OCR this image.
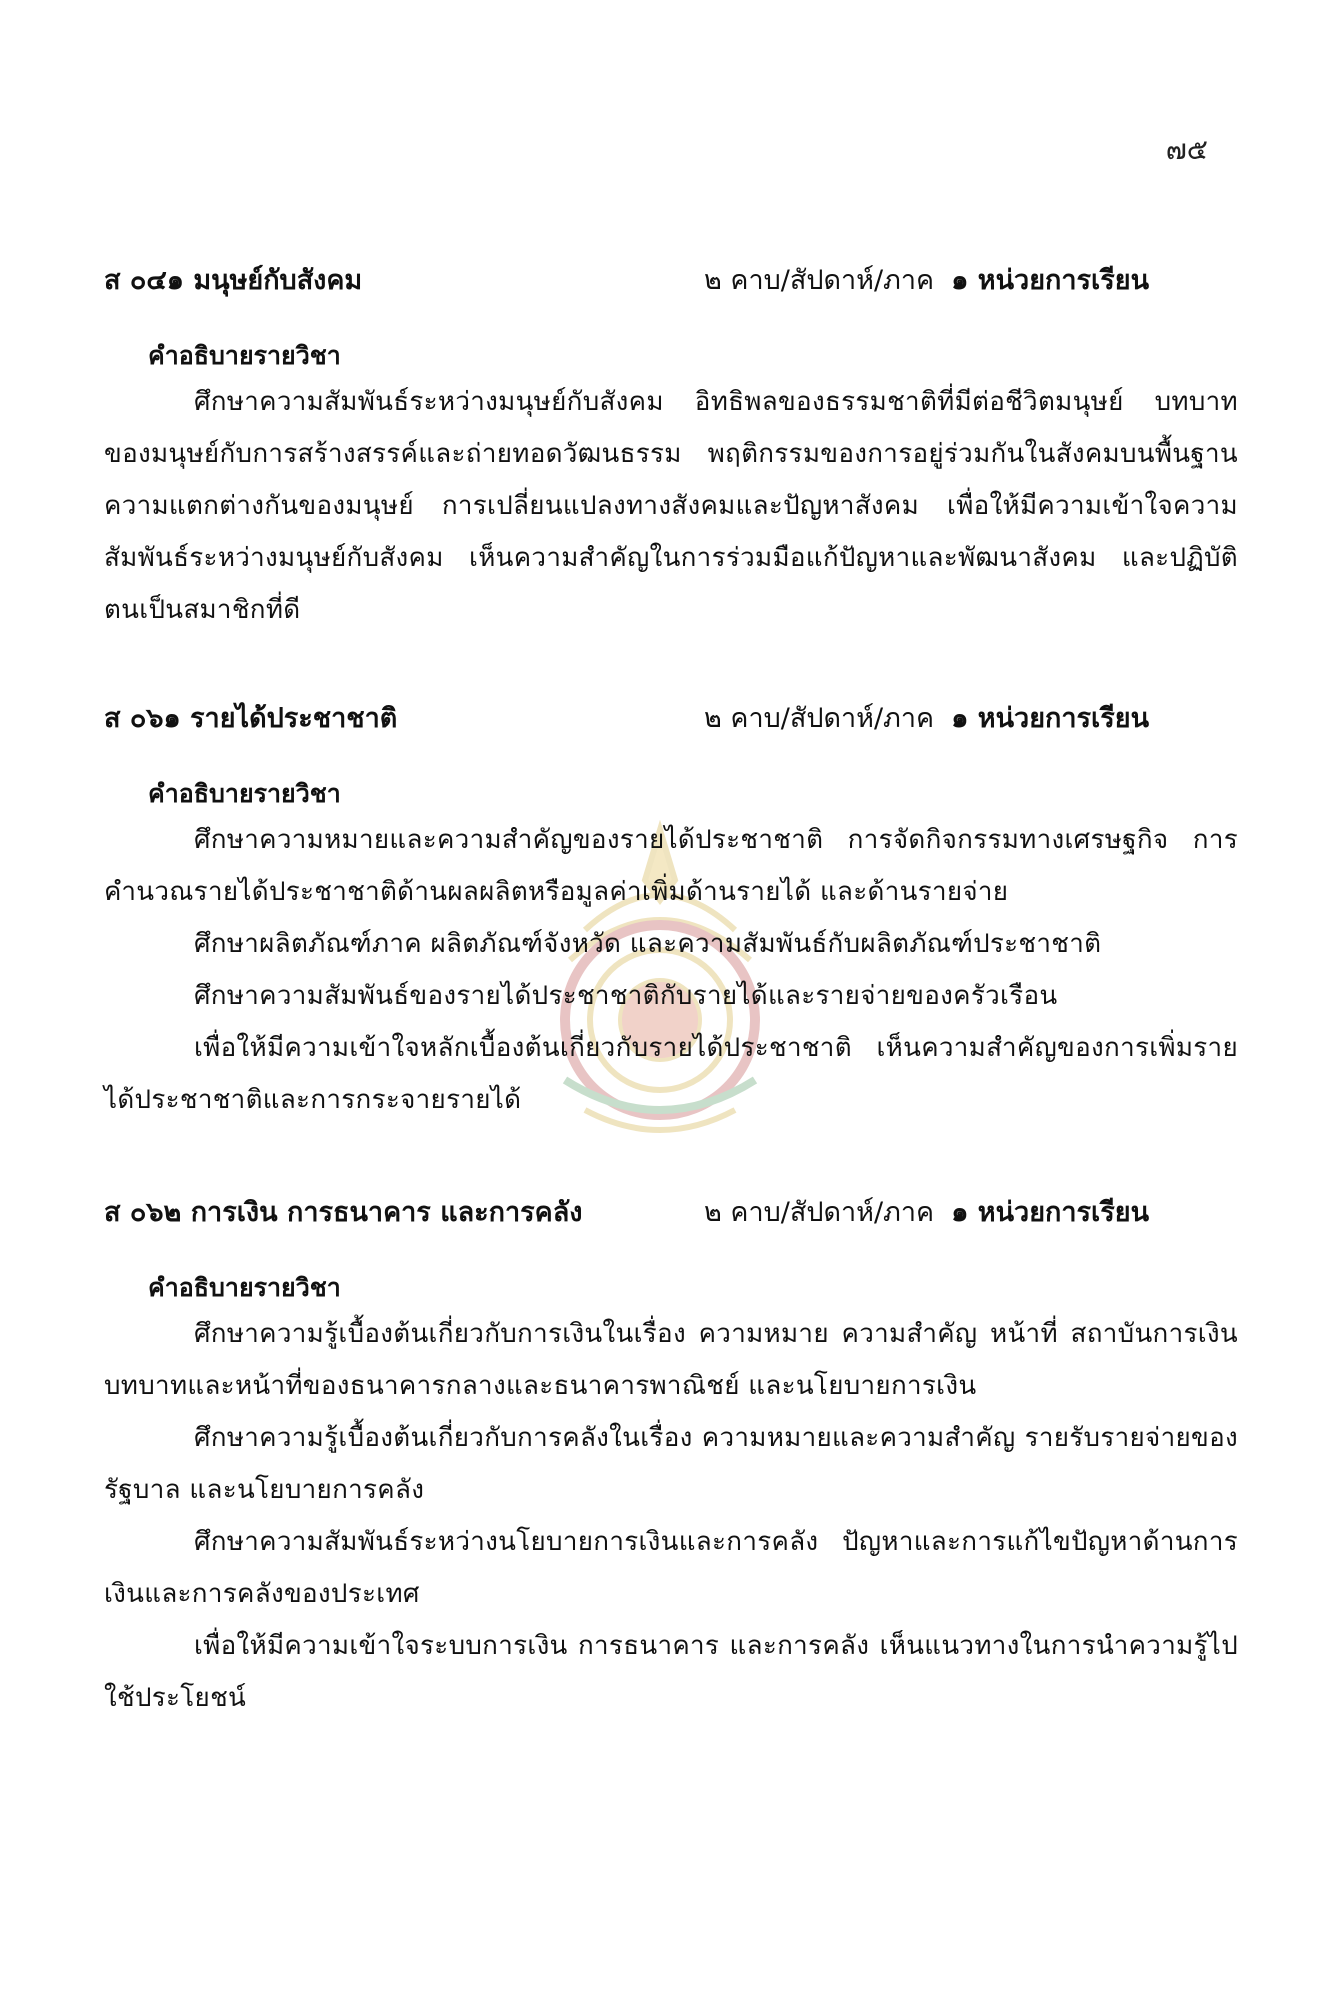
๗๕
ส ๐๔๑ มนุษย์กับสังคม	๒ คาบ/สัปดาห์/ภาค ๑ หน่วยการเรียน
คำอธิบายรายวิชา

ศึกษาความสัมพันธ์ระหว่างมนุษย์กับสังคม อิทธิพลของธรรมชาติที่มีต่อชีวิตมนุษย์ บทบาทของมนุษย์กับการสร้างสรรค์และถ่ายทอดวัฒนธรรม พฤติกรรมของการอยู่ร่วมกันในสังคมบนพื้นฐานความแตกต่างกันของมนุษย์ การเปลี่ยนแปลงทางสังคมและปัญหาสังคม เพื่อให้มีความเข้าใจความสัมพันธ์ระหว่างมนุษย์กับสังคม เห็นความสำคัญในการร่วมมือแก้ปัญหาและพัฒนาสังคม และปฏิบัติตนเป็นสมาชิกที่ดี

ส ๐๖๑ รายได้ประชาชาติ	๒ คาบ/สัปดาห์/ภาค ๑ หน่วยการเรียน
คำอธิบายรายวิชา

ศึกษาความหมายและความสำคัญของรายได้ประชาชาติ การจัดกิจกรรมทางเศรษฐกิจ การคำนวณรายได้ประชาชาติด้านผลผลิตหรือมูลค่าเพิ่มด้านรายได้ และด้านรายจ่าย

ศึกษาผลิตภัณฑ์ภาค ผลิตภัณฑ์จังหวัด และความสัมพันธ์กับผลิตภัณฑ์ประชาชาติ

ศึกษาความสัมพันธ์ของรายได้ประชาชาติกับรายได้และรายจ่ายของครัวเรือน

เพื่อให้มีความเข้าใจหลักเบื้องต้นเกี่ยวกับรายได้ประชาชาติ เห็นความสำคัญของการเพิ่มรายได้ประชาชาติและการกระจายรายได้

ส ๐๖๒ การเงิน การธนาคาร และการคลัง	๒ คาบ/สัปดาห์/ภาค ๑ หน่วยการเรียน
คำอธิบายรายวิชา

ศึกษาความรู้เบื้องต้นเกี่ยวกับการเงินในเรื่อง ความหมาย ความสำคัญ หน้าที่ สถาบันการเงิน บทบาทและหน้าที่ของธนาคารกลางและธนาคารพาณิชย์ และนโยบายการเงิน

ศึกษาความรู้เบื้องต้นเกี่ยวกับการคลังในเรื่อง ความหมายและความสำคัญ รายรับรายจ่ายของรัฐบาล และนโยบายการคลัง

ศึกษาความสัมพันธ์ระหว่างนโยบายการเงินและการคลัง ปัญหาและการแก้ไขปัญหาด้านการเงินและการคลังของประเทศ

เพื่อให้มีความเข้าใจระบบการเงิน การธนาคาร และการคลัง เห็นแนวทางในการนำความรู้ไปใช้ประโยชน์
